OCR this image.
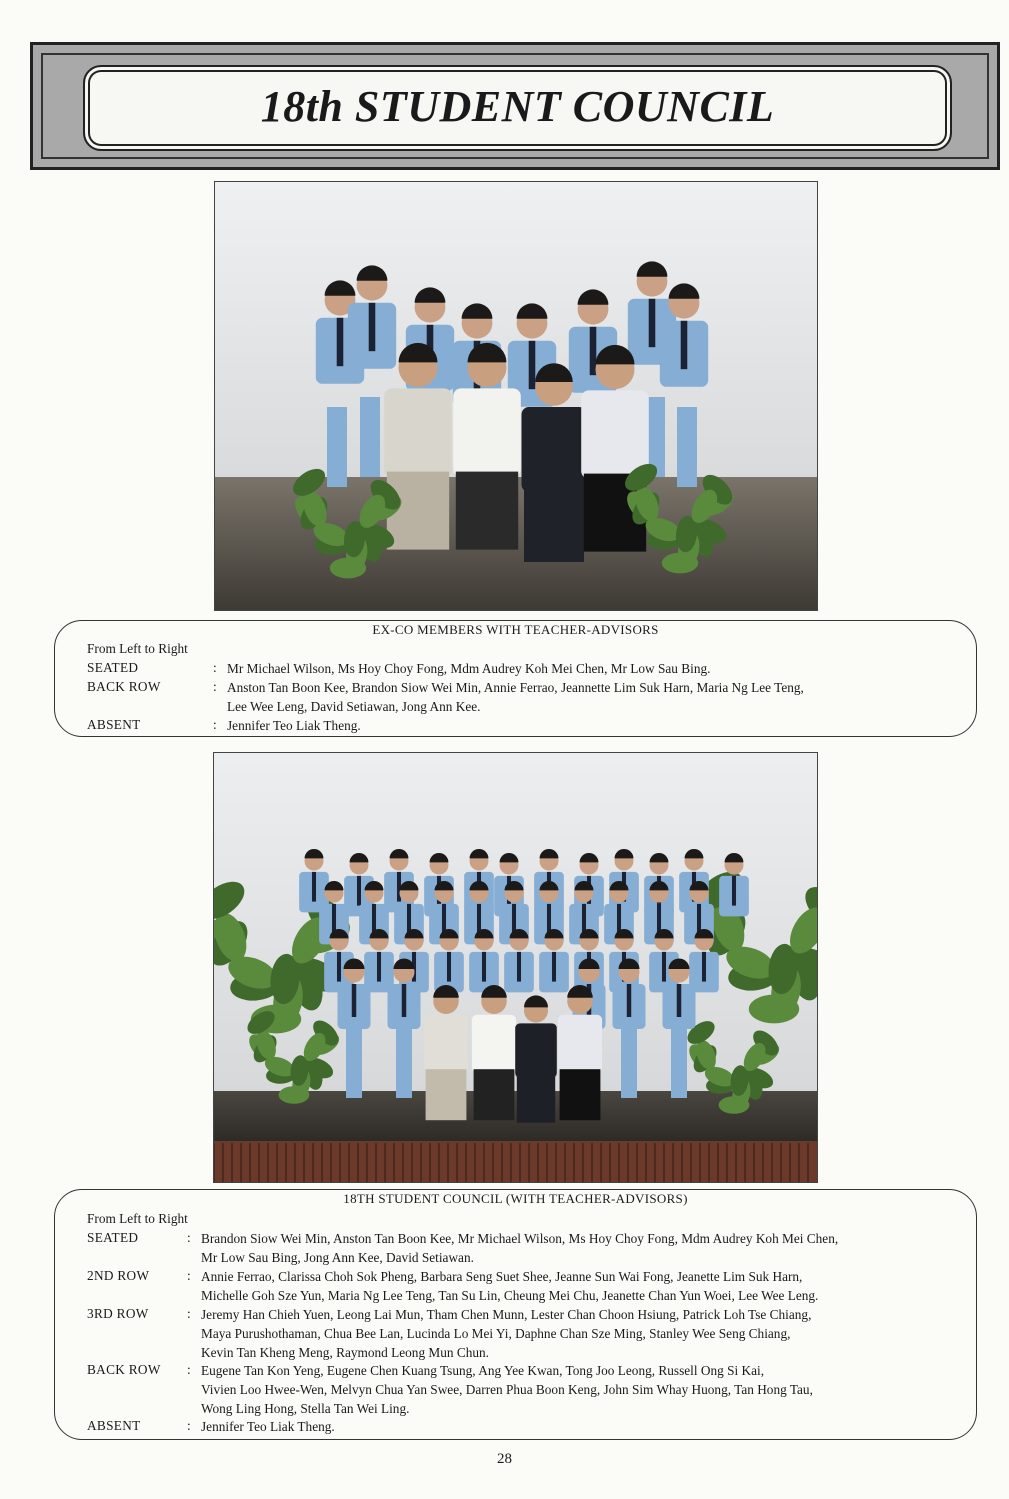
18th STUDENT COUNCIL
EX-CO MEMBERS WITH TEACHER-ADVISORS
From Left to Right
SEATED	: Mr Michael Wilson, Ms Hoy Choy Fong, Mdm Audrey Koh Mei Chen, Mr Low Sau Bing.
BACK ROW	: Anston Tan Boon Kee, Brandon Siow Wei Min, Annie Ferrao, Jeannette Lim Suk Harn, Maria Ng Lee Teng,
Lee Wee Leng, David Setiawan, Jong Ann Kee.
ABSENT	: Jennifer Teo Liak Theng.
18TH STUDENT COUNCIL (WITH TEACHER-ADVISORS)
From Left to Right
SEATED	: Brandon Siow Wei Min, Anston Tan Boon Kee, Mr Michael Wilson, Ms Hoy Choy Fong, Mdm Audrey Koh Mei Chen,
Mr Low Sau Bing, Jong Ann Kee, David Setiawan.
2ND ROW	: Annie Ferrao, Clarissa Choh Sok Pheng, Barbara Seng Suet Shee, Jeanne Sun Wai Fong, Jeanette Lim Suk Harn,
Michelle Goh Sze Yun, Maria Ng Lee Teng, Tan Su Lin, Cheung Mei Chu, Jeanette Chan Yun Woei, Lee Wee Leng.
3RD ROW	: Jeremy Han Chieh Yuen, Leong Lai Mun, Tham Chen Munn, Lester Chan Choon Hsiung, Patrick Loh Tse Chiang,
Maya Purushothaman, Chua Bee Lan, Lucinda Lo Mei Yi, Daphne Chan Sze Ming, Stanley Wee Seng Chiang,
Kevin Tan Kheng Meng, Raymond Leong Mun Chun.
BACK ROW : Eugene Tan Kon Yeng, Eugene Chen Kuang Tsung, Ang Yee Kwan, Tong Joo Leong, Russell Ong Si Kai,
Vivien Loo Hwee-Wen, Melvyn Chua Yan Swee, Darren Phua Boon Keng, John Sim Whay Huong, Tan Hong Tau,
Wong Ling Hong, Stella Tan Wei Ling.
ABSENT	: Jennifer Teo Liak Theng.
28
